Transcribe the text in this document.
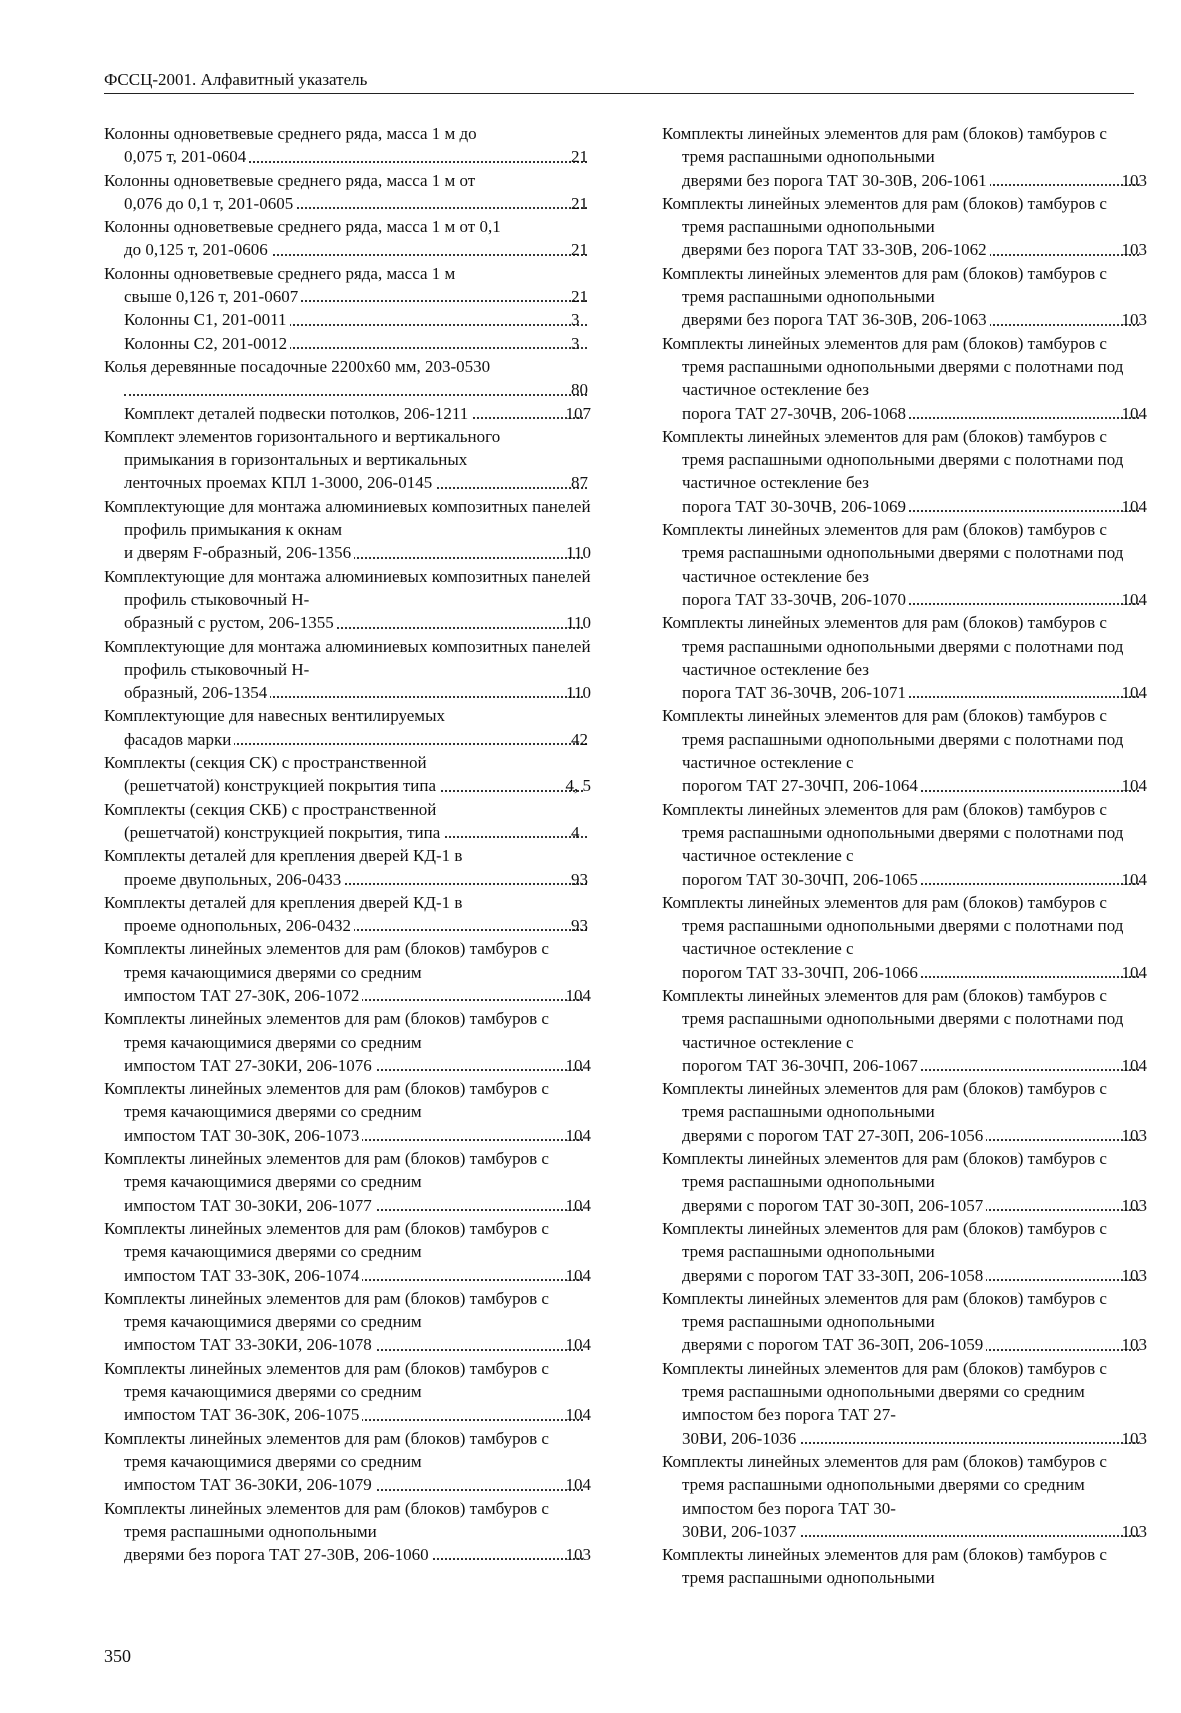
ФССЦ-2001. Алфавитный указатель
Колонны одноветвевые среднего ряда, масса 1 м до
0,075 т, 201-0604	21
Колонны одноветвевые среднего ряда, масса 1 м от
0,076 до 0,1 т, 201-0605	21
Колонны одноветвевые среднего ряда, масса 1 м от 0,1
до 0,125 т, 201-0606	21
Колонны одноветвевые среднего ряда, масса 1 м
свыше 0,126 т, 201-0607	21
Колонны С1, 201-0011	3
Колонны С2, 201-0012	3
Колья деревянные посадочные 2200x60 мм, 203-0530
80
Комплект деталей подвески потолков, 206-1211	107
Комплект элементов горизонтального и вертикального примыкания в горизонтальных и вертикальных
ленточных проемах КПЛ 1-3000, 206-0145	87
Комплектующие для монтажа алюминиевых композитных панелей профиль примыкания к окнам
и дверям F-образный, 206-1356	110
Комплектующие для монтажа алюминиевых композитных панелей профиль стыковочный Н-
образный с рустом, 206-1355	110
Комплектующие для монтажа алюминиевых композитных панелей профиль стыковочный Н-
образный, 206-1354	110
Комплектующие для навесных вентилируемых
фасадов марки	42
Комплекты (секция СК) с пространственной
(решетчатой) конструкцией покрытия типа	4, 5
Комплекты (секция СКБ) с пространственной
(решетчатой) конструкцией покрытия, типа	4
Комплекты деталей для крепления дверей КД-1 в
проеме двупольных, 206-0433	93
Комплекты деталей для крепления дверей КД-1 в
проеме однопольных, 206-0432	93
Комплекты линейных элементов для рам (блоков) тамбуров с тремя качающимися дверями со средним
импостом ТАТ 27-30К, 206-1072	104
Комплекты линейных элементов для рам (блоков) тамбуров с тремя качающимися дверями со средним
импостом ТАТ 27-30КИ, 206-1076	104
Комплекты линейных элементов для рам (блоков) тамбуров с тремя качающимися дверями со средним
импостом ТАТ 30-30К, 206-1073	104
Комплекты линейных элементов для рам (блоков) тамбуров с тремя качающимися дверями со средним
импостом ТАТ 30-30КИ, 206-1077	104
Комплекты линейных элементов для рам (блоков) тамбуров с тремя качающимися дверями со средним
импостом ТАТ 33-30К, 206-1074	104
Комплекты линейных элементов для рам (блоков) тамбуров с тремя качающимися дверями со средним
импостом ТАТ 33-30КИ, 206-1078	104
Комплекты линейных элементов для рам (блоков) тамбуров с тремя качающимися дверями со средним
импостом ТАТ 36-30К, 206-1075	104
Комплекты линейных элементов для рам (блоков) тамбуров с тремя качающимися дверями со средним
импостом ТАТ 36-30КИ, 206-1079	104
Комплекты линейных элементов для рам (блоков) тамбуров с тремя распашными однопольными
дверями без порога ТАТ 27-30В, 206-1060	103
Комплекты линейных элементов для рам (блоков) тамбуров с тремя распашными однопольными
дверями без порога ТАТ 30-30В, 206-1061	103
Комплекты линейных элементов для рам (блоков) тамбуров с тремя распашными однопольными
дверями без порога ТАТ 33-30В, 206-1062	103
Комплекты линейных элементов для рам (блоков) тамбуров с тремя распашными однопольными
дверями без порога ТАТ 36-30В, 206-1063	103
Комплекты линейных элементов для рам (блоков) тамбуров с тремя распашными однопольными дверями с полотнами под частичное остекление без
порога ТАТ 27-30ЧВ, 206-1068	104
Комплекты линейных элементов для рам (блоков) тамбуров с тремя распашными однопольными дверями с полотнами под частичное остекление без
порога ТАТ 30-30ЧВ, 206-1069	104
Комплекты линейных элементов для рам (блоков) тамбуров с тремя распашными однопольными дверями с полотнами под частичное остекление без
порога ТАТ 33-30ЧВ, 206-1070	104
Комплекты линейных элементов для рам (блоков) тамбуров с тремя распашными однопольными дверями с полотнами под частичное остекление без
порога ТАТ 36-30ЧВ, 206-1071	104
Комплекты линейных элементов для рам (блоков) тамбуров с тремя распашными однопольными дверями с полотнами под частичное остекление с
порогом ТАТ 27-30ЧП, 206-1064	104
Комплекты линейных элементов для рам (блоков) тамбуров с тремя распашными однопольными дверями с полотнами под частичное остекление с
порогом ТАТ 30-30ЧП, 206-1065	104
Комплекты линейных элементов для рам (блоков) тамбуров с тремя распашными однопольными дверями с полотнами под частичное остекление с
порогом ТАТ 33-30ЧП, 206-1066	104
Комплекты линейных элементов для рам (блоков) тамбуров с тремя распашными однопольными дверями с полотнами под частичное остекление с
порогом ТАТ 36-30ЧП, 206-1067	104
Комплекты линейных элементов для рам (блоков) тамбуров с тремя распашными однопольными
дверями с порогом ТАТ 27-30П, 206-1056	103
Комплекты линейных элементов для рам (блоков) тамбуров с тремя распашными однопольными
дверями с порогом ТАТ 30-30П, 206-1057	103
Комплекты линейных элементов для рам (блоков) тамбуров с тремя распашными однопольными
дверями с порогом ТАТ 33-30П, 206-1058	103
Комплекты линейных элементов для рам (блоков) тамбуров с тремя распашными однопольными
дверями с порогом ТАТ 36-30П, 206-1059	103
Комплекты линейных элементов для рам (блоков) тамбуров с тремя распашными однопольными дверями со средним импостом без порога ТАТ 27-
30ВИ, 206-1036	103
Комплекты линейных элементов для рам (блоков) тамбуров с тремя распашными однопольными дверями со средним импостом без порога ТАТ 30-
30ВИ, 206-1037	103
Комплекты линейных элементов для рам (блоков) тамбуров с тремя распашными однопольными
350
